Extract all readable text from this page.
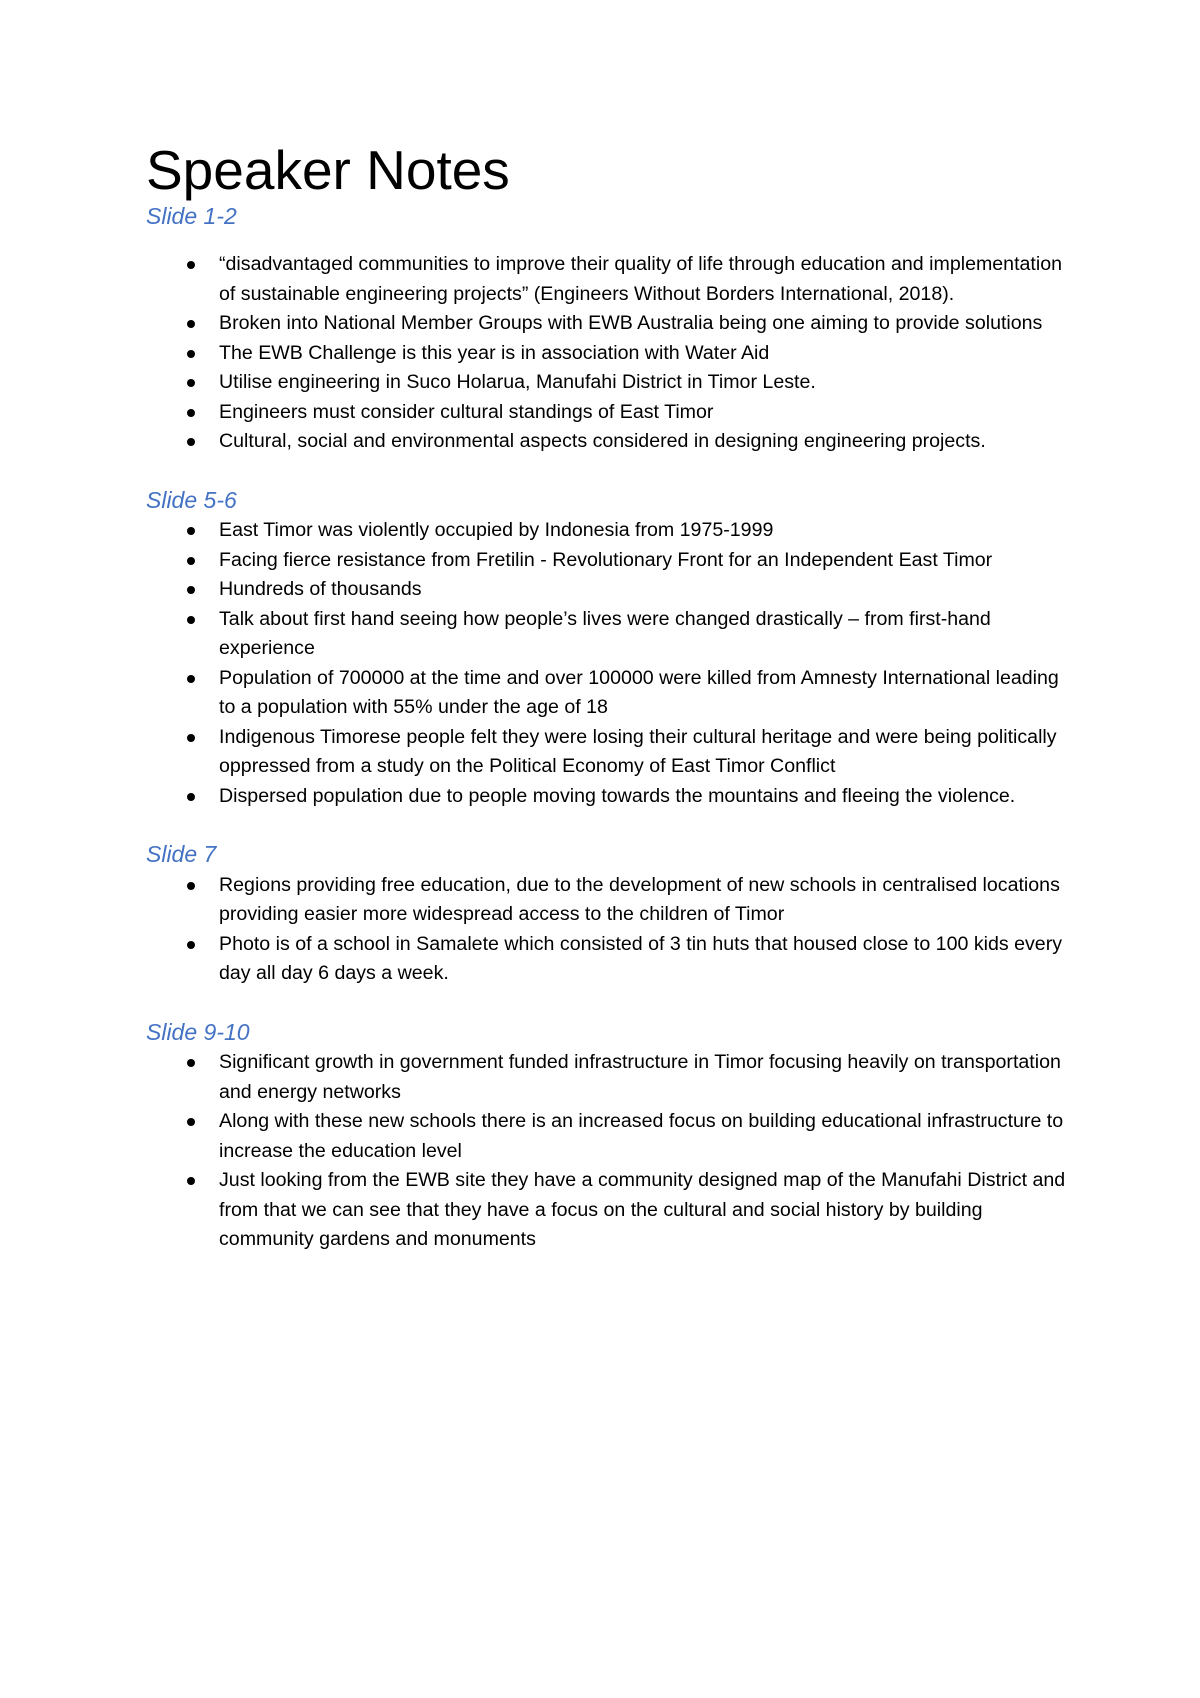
Speaker Notes
Slide 1-2
“disadvantaged communities to improve their quality of life through education and implementation of sustainable engineering projects” (Engineers Without Borders International, 2018).
Broken into National Member Groups with EWB Australia being one aiming to provide solutions
The EWB Challenge is this year is in association with Water Aid
Utilise engineering in Suco Holarua, Manufahi District in Timor Leste.
Engineers must consider cultural standings of East Timor
Cultural, social and environmental aspects considered in designing engineering projects.
Slide 5-6
East Timor was violently occupied by Indonesia from 1975-1999
Facing fierce resistance from Fretilin - Revolutionary Front for an Independent East Timor
Hundreds of thousands
Talk about first hand seeing how people’s lives were changed drastically – from first-hand experience
Population of 700000 at the time and over 100000 were killed from Amnesty International leading to a population with 55% under the age of 18
Indigenous Timorese people felt they were losing their cultural heritage and were being politically oppressed from a study on the Political Economy of East Timor Conflict
Dispersed population due to people moving towards the mountains and fleeing the violence.
Slide 7
Regions providing free education, due to the development of new schools in centralised locations providing easier more widespread access to the children of Timor
Photo is of a school in Samalete which consisted of 3 tin huts that housed close to 100 kids every day all day 6 days a week.
Slide 9-10
Significant growth in government funded infrastructure in Timor focusing heavily on transportation and energy networks
Along with these new schools there is an increased focus on building educational infrastructure to increase the education level
Just looking from the EWB site they have a community designed map of the Manufahi District and from that we can see that they have a focus on the cultural and social history by building community gardens and monuments
